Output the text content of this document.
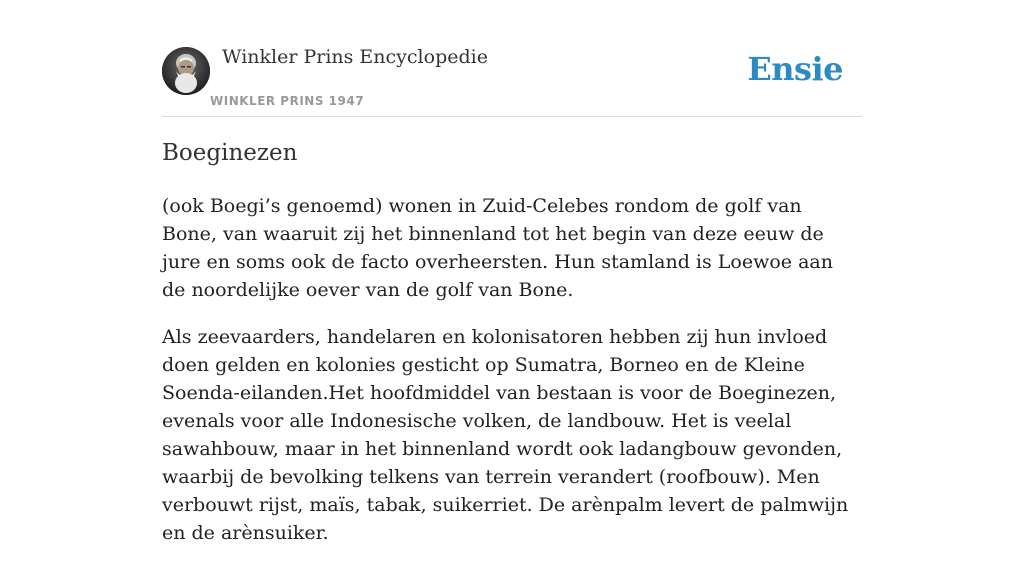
Winkler Prins Encyclopedie
WINKLER PRINS 1947
Ensie
Boeginezen

(ook Boegi’s genoemd) wonen in Zuid-Celebes rondom de golf van Bone, van waaruit zij het binnenland tot het begin van deze eeuw de jure en soms ook de facto overheersten. Hun stamland is Loewoe aan de noordelijke oever van de golf van Bone.

Als zeevaarders, handelaren en kolonisatoren hebben zij hun invloed doen gelden en kolonies gesticht op Sumatra, Borneo en de Kleine Soenda-eilanden.Het hoofdmiddel van bestaan is voor de Boeginezen, evenals voor alle Indonesische volken, de landbouw. Het is veelal sawahbouw, maar in het binnenland wordt ook ladangbouw gevonden, waarbij de bevolking telkens van terrein verandert (roofbouw). Men verbouwt rijst, maïs, tabak, suikerriet. De arènpalm levert de palmwijn en de arènsuiker.
